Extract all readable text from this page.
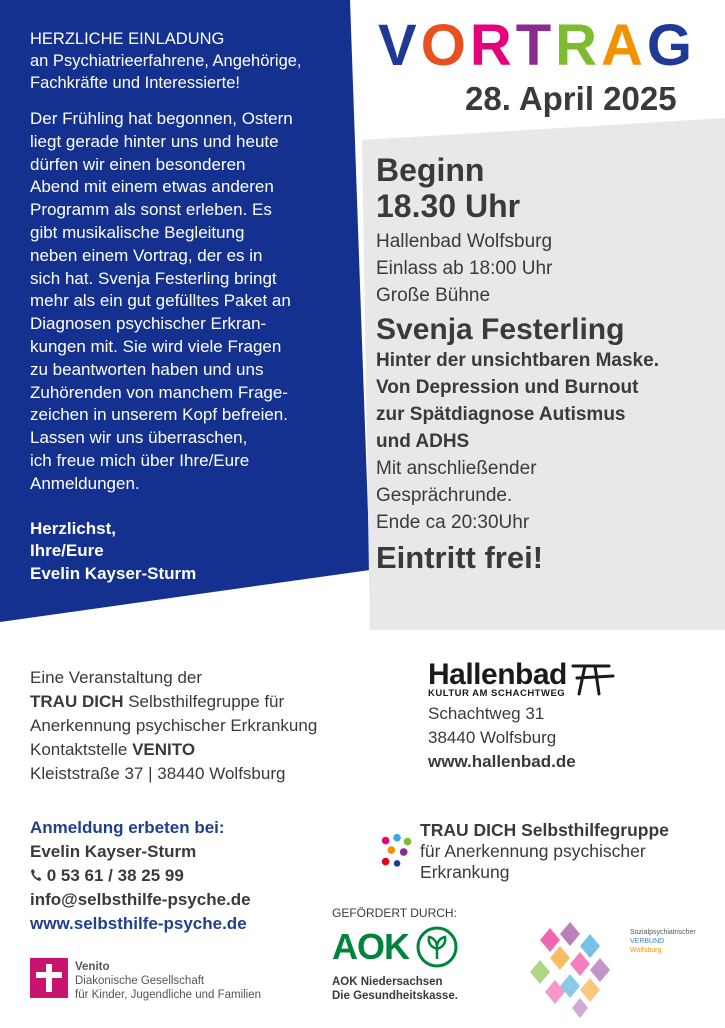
HERZLICHE EINLADUNG
an Psychiatrieerfahrene, Angehörige,
Fachkräfte und Interessierte!

Der Frühling hat begonnen, Ostern
liegt gerade hinter uns und heute
dürfen wir einen besonderen
Abend mit einem etwas anderen
Programm als sonst erleben. Es
gibt musikalische Begleitung
neben einem Vortrag, der es in
sich hat. Svenja Festerling bringt
mehr als ein gut gefülltes Paket an
Diagnosen psychischer Erkran-
kungen mit. Sie wird viele Fragen
zu beantworten haben und uns
Zuhörenden von manchem Frage-
zeichen in unserem Kopf befreien.
Lassen wir uns überraschen,
ich freue mich über Ihre/Eure
Anmeldungen.

Herzlichst,
Ihre/Eure
Evelin Kayser-Sturm

VORTRAG
28. April 2025
Beginn
18.30 Uhr
Hallenbad Wolfsburg
Einlass ab 18:00 Uhr
Große Bühne
Svenja Festerling
Hinter der unsichtbaren Maske.
Von Depression und Burnout
zur Spätdiagnose Autismus
und ADHS
Mit anschließender
Gesprächrunde.
Ende ca 20:30Uhr
Eintritt frei!
Eine Veranstaltung der
TRAU DICH Selbsthilfegruppe für
Anerkennung psychischer Erkrankung
Kontaktstelle VENITO
Kleiststraße 37 | 38440 Wolfsburg
Hallenbad
KULTUR AM SCHACHTWEG
Schachtweg 31
38440 Wolfsburg
www.hallenbad.de
Anmeldung erbeten bei:
Evelin Kayser-Sturm
0 53 61 / 38 25 99
info@selbsthilfe-psyche.de
www.selbsthilfe-psyche.de
TRAU DICH Selbsthilfegruppe
für Anerkennung psychischer Erkrankung
GEFÖRDERT DURCH:
AOK
AOK Niedersachsen
Die Gesundheitskasse.
Venito
Diakonische Gesellschaft
für Kinder, Jugendliche und Familien
Sozialpsychiatrischer
VERBUND
Wolfsburg
